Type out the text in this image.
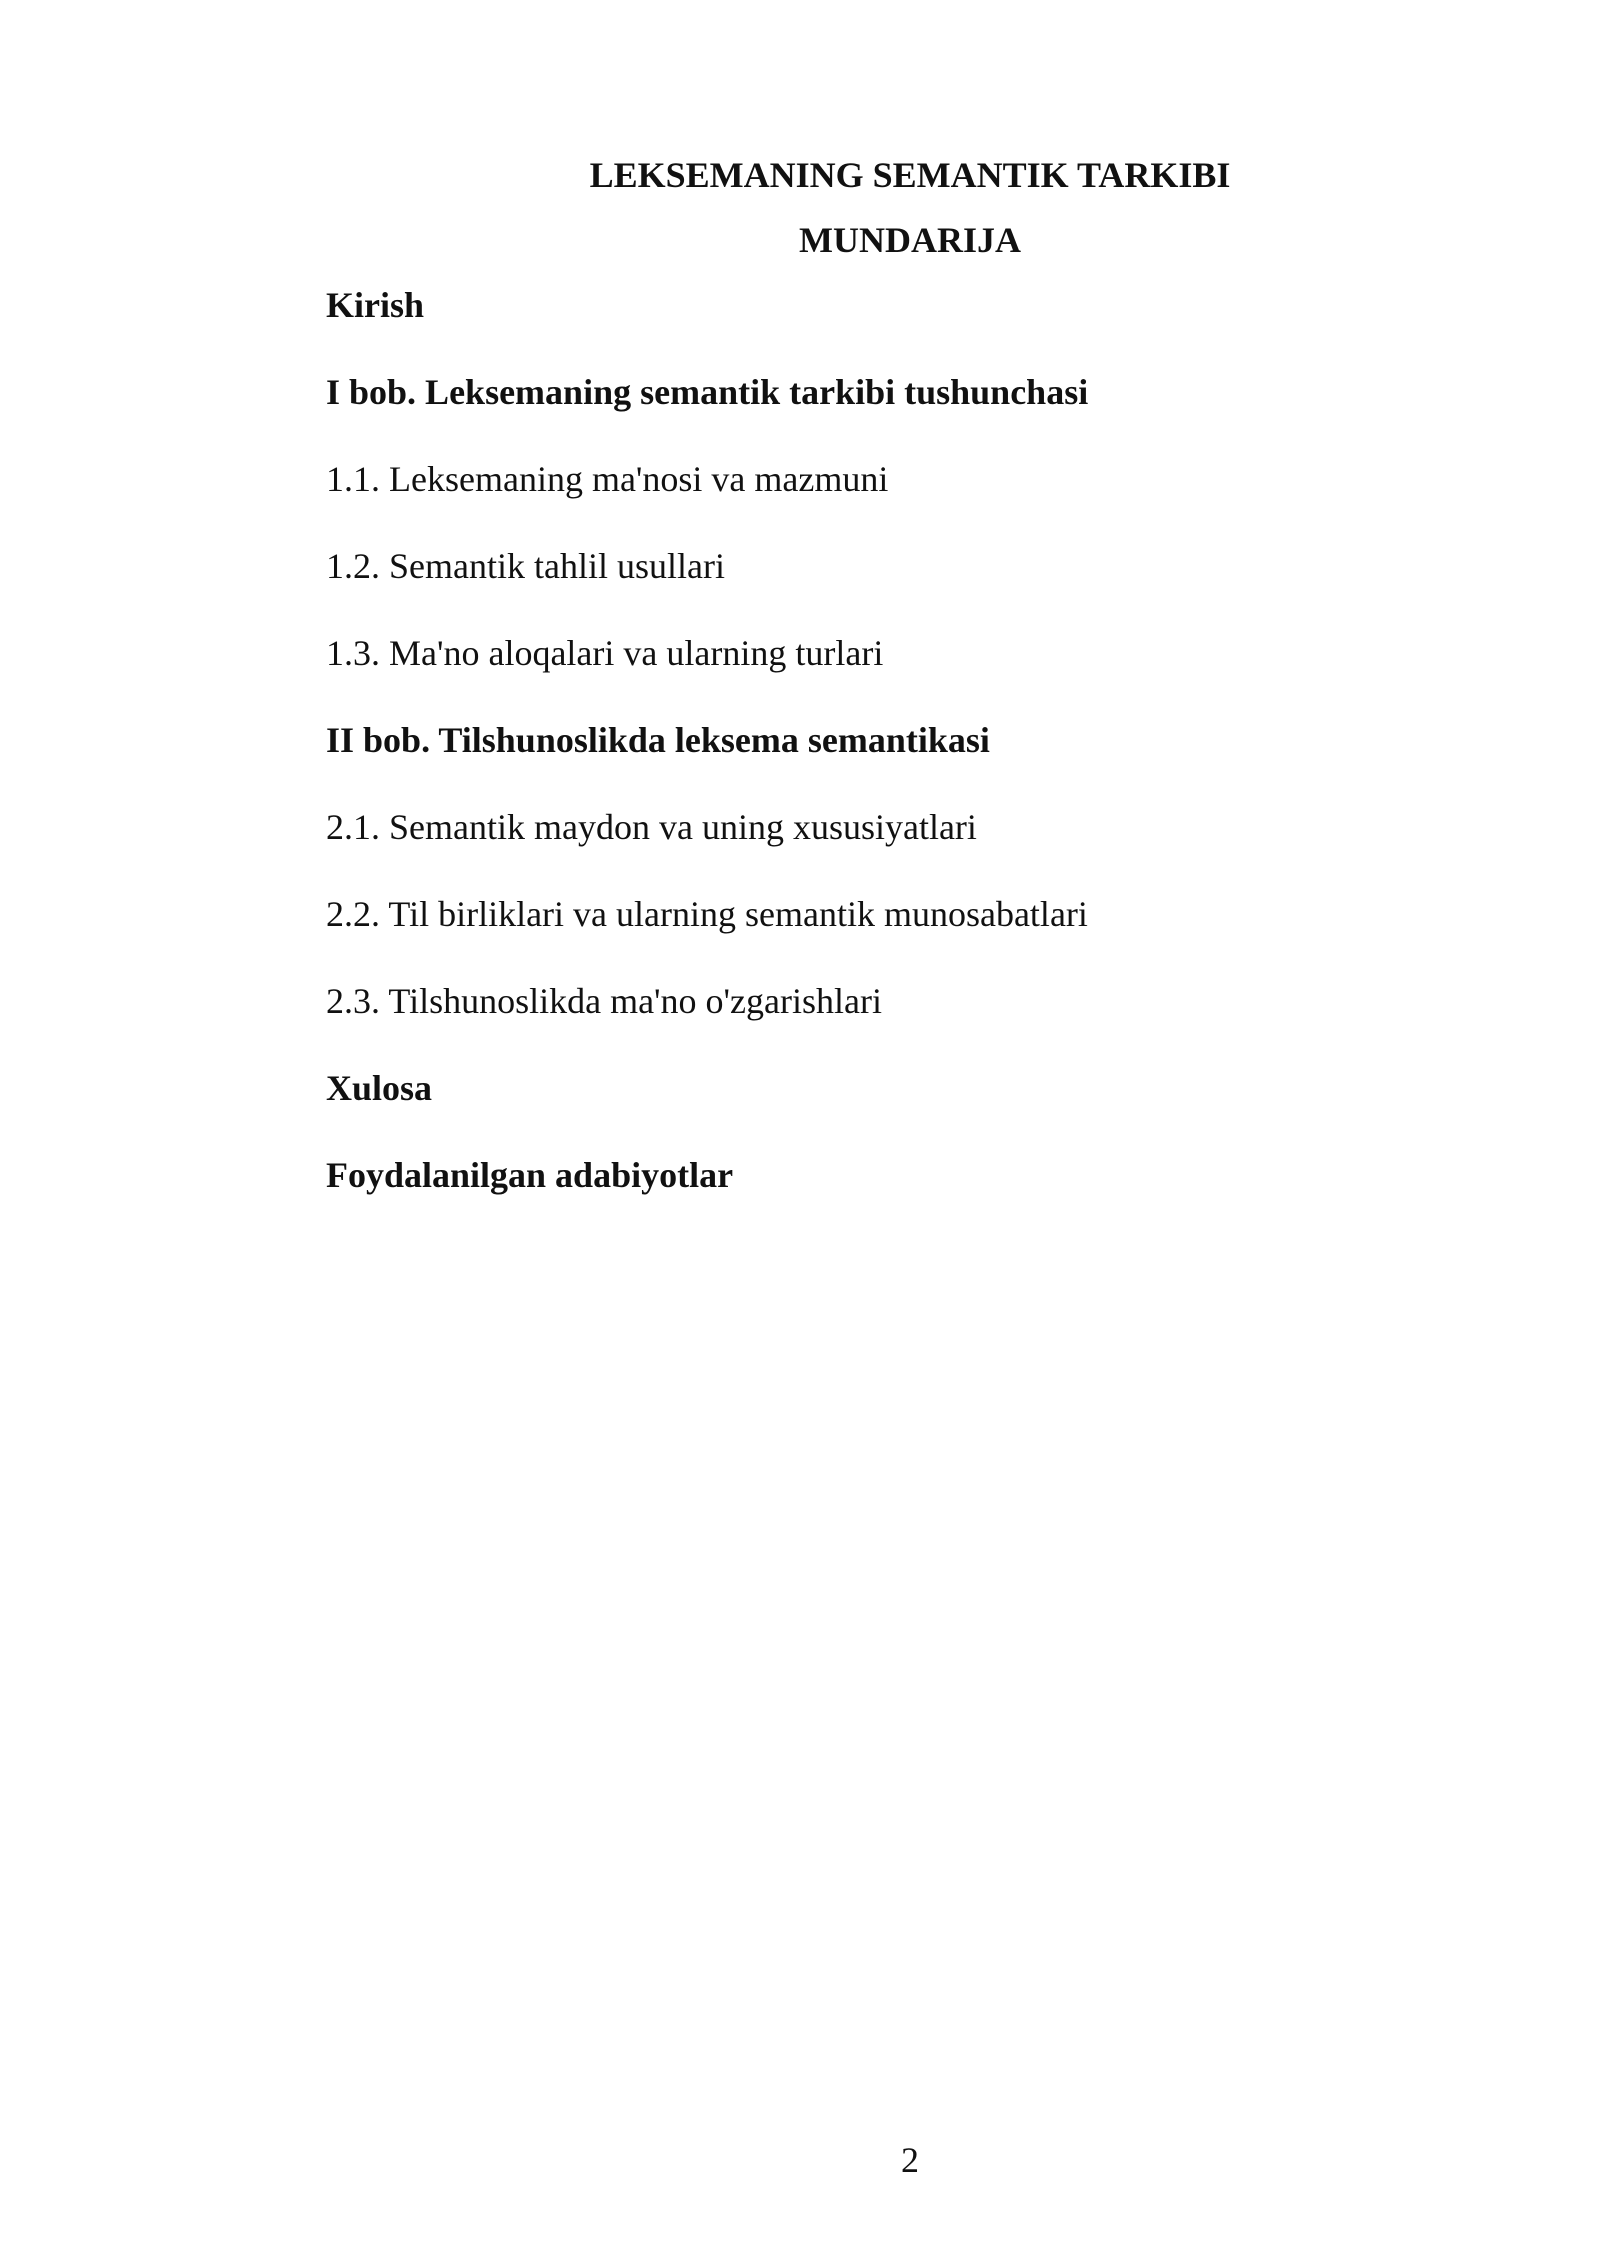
LEKSEMANING SEMANTIK TARKIBI
MUNDARIJA
Kirish
I bob. Leksemaning semantik tarkibi tushunchasi
1.1. Leksemaning ma'nosi va mazmuni
1.2. Semantik tahlil usullari
1.3. Ma'no aloqalari va ularning turlari
II bob. Tilshunoslikda leksema semantikasi
2.1. Semantik maydon va uning xususiyatlari
2.2. Til birliklari va ularning semantik munosabatlari
2.3. Tilshunoslikda ma'no o'zgarishlari
Xulosa
Foydalanilgan adabiyotlar
2
